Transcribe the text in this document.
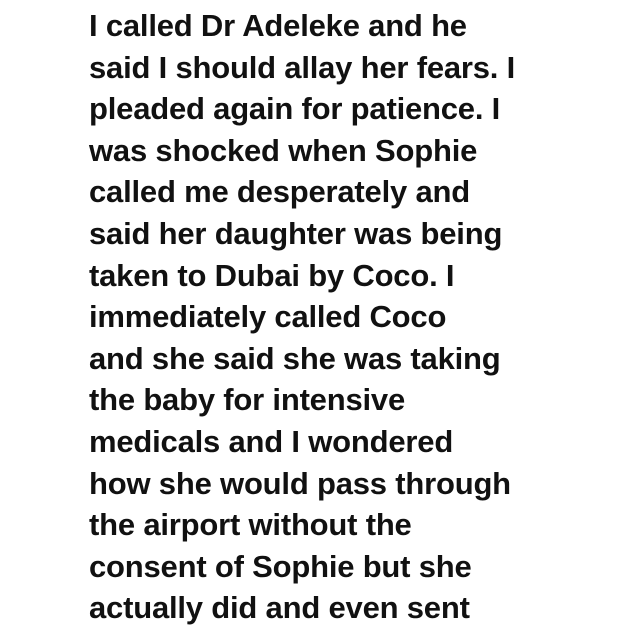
I called Dr Adeleke and he
said I should allay her fears. I
pleaded again for patience. I
was shocked when Sophie
called me desperately and
said her daughter was being
taken to Dubai by Coco. I
immediately called Coco
and she said she was taking
the baby for intensive
medicals and I wondered
how she would pass through
the airport without the
consent of Sophie but she
actually did and even sent
